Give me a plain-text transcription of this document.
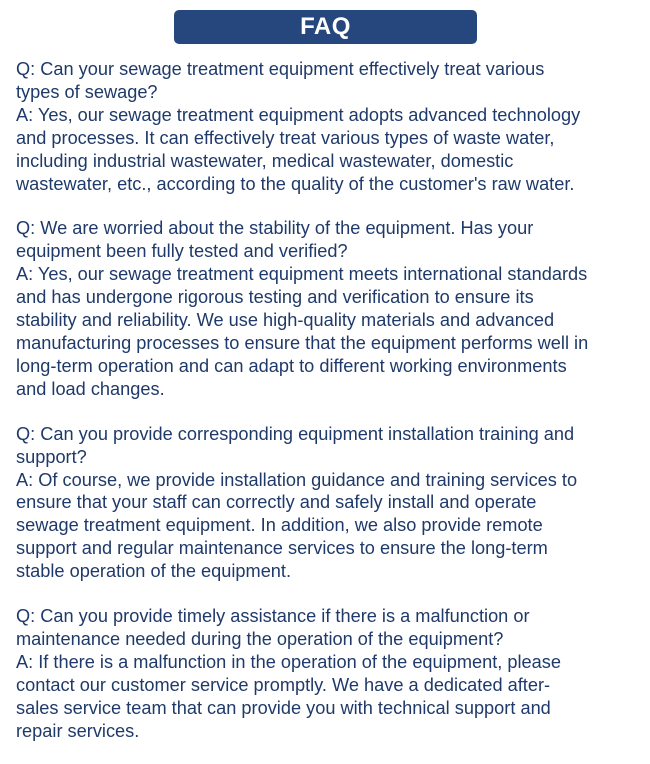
FAQ
Q: Can your sewage treatment equipment effectively treat various
types of sewage?
A: Yes, our sewage treatment equipment adopts advanced technology
and processes. It can effectively treat various types of waste water,
including industrial wastewater, medical wastewater, domestic
wastewater, etc., according to the quality of the customer's raw water.
Q: We are worried about the stability of the equipment. Has your
equipment been fully tested and verified?
A: Yes, our sewage treatment equipment meets international standards
and has undergone rigorous testing and verification to ensure its
stability and reliability. We use high-quality materials and advanced
manufacturing processes to ensure that the equipment performs well in
long-term operation and can adapt to different working environments
and load changes.
Q: Can you provide corresponding equipment installation training and
support?
A: Of course, we provide installation guidance and training services to
ensure that your staff can correctly and safely install and operate
sewage treatment equipment. In addition, we also provide remote
support and regular maintenance services to ensure the long-term
stable operation of the equipment.
Q: Can you provide timely assistance if there is a malfunction or
maintenance needed during the operation of the equipment?
A: If there is a malfunction in the operation of the equipment, please
contact our customer service promptly. We have a dedicated after-
sales service team that can provide you with technical support and
repair services.
